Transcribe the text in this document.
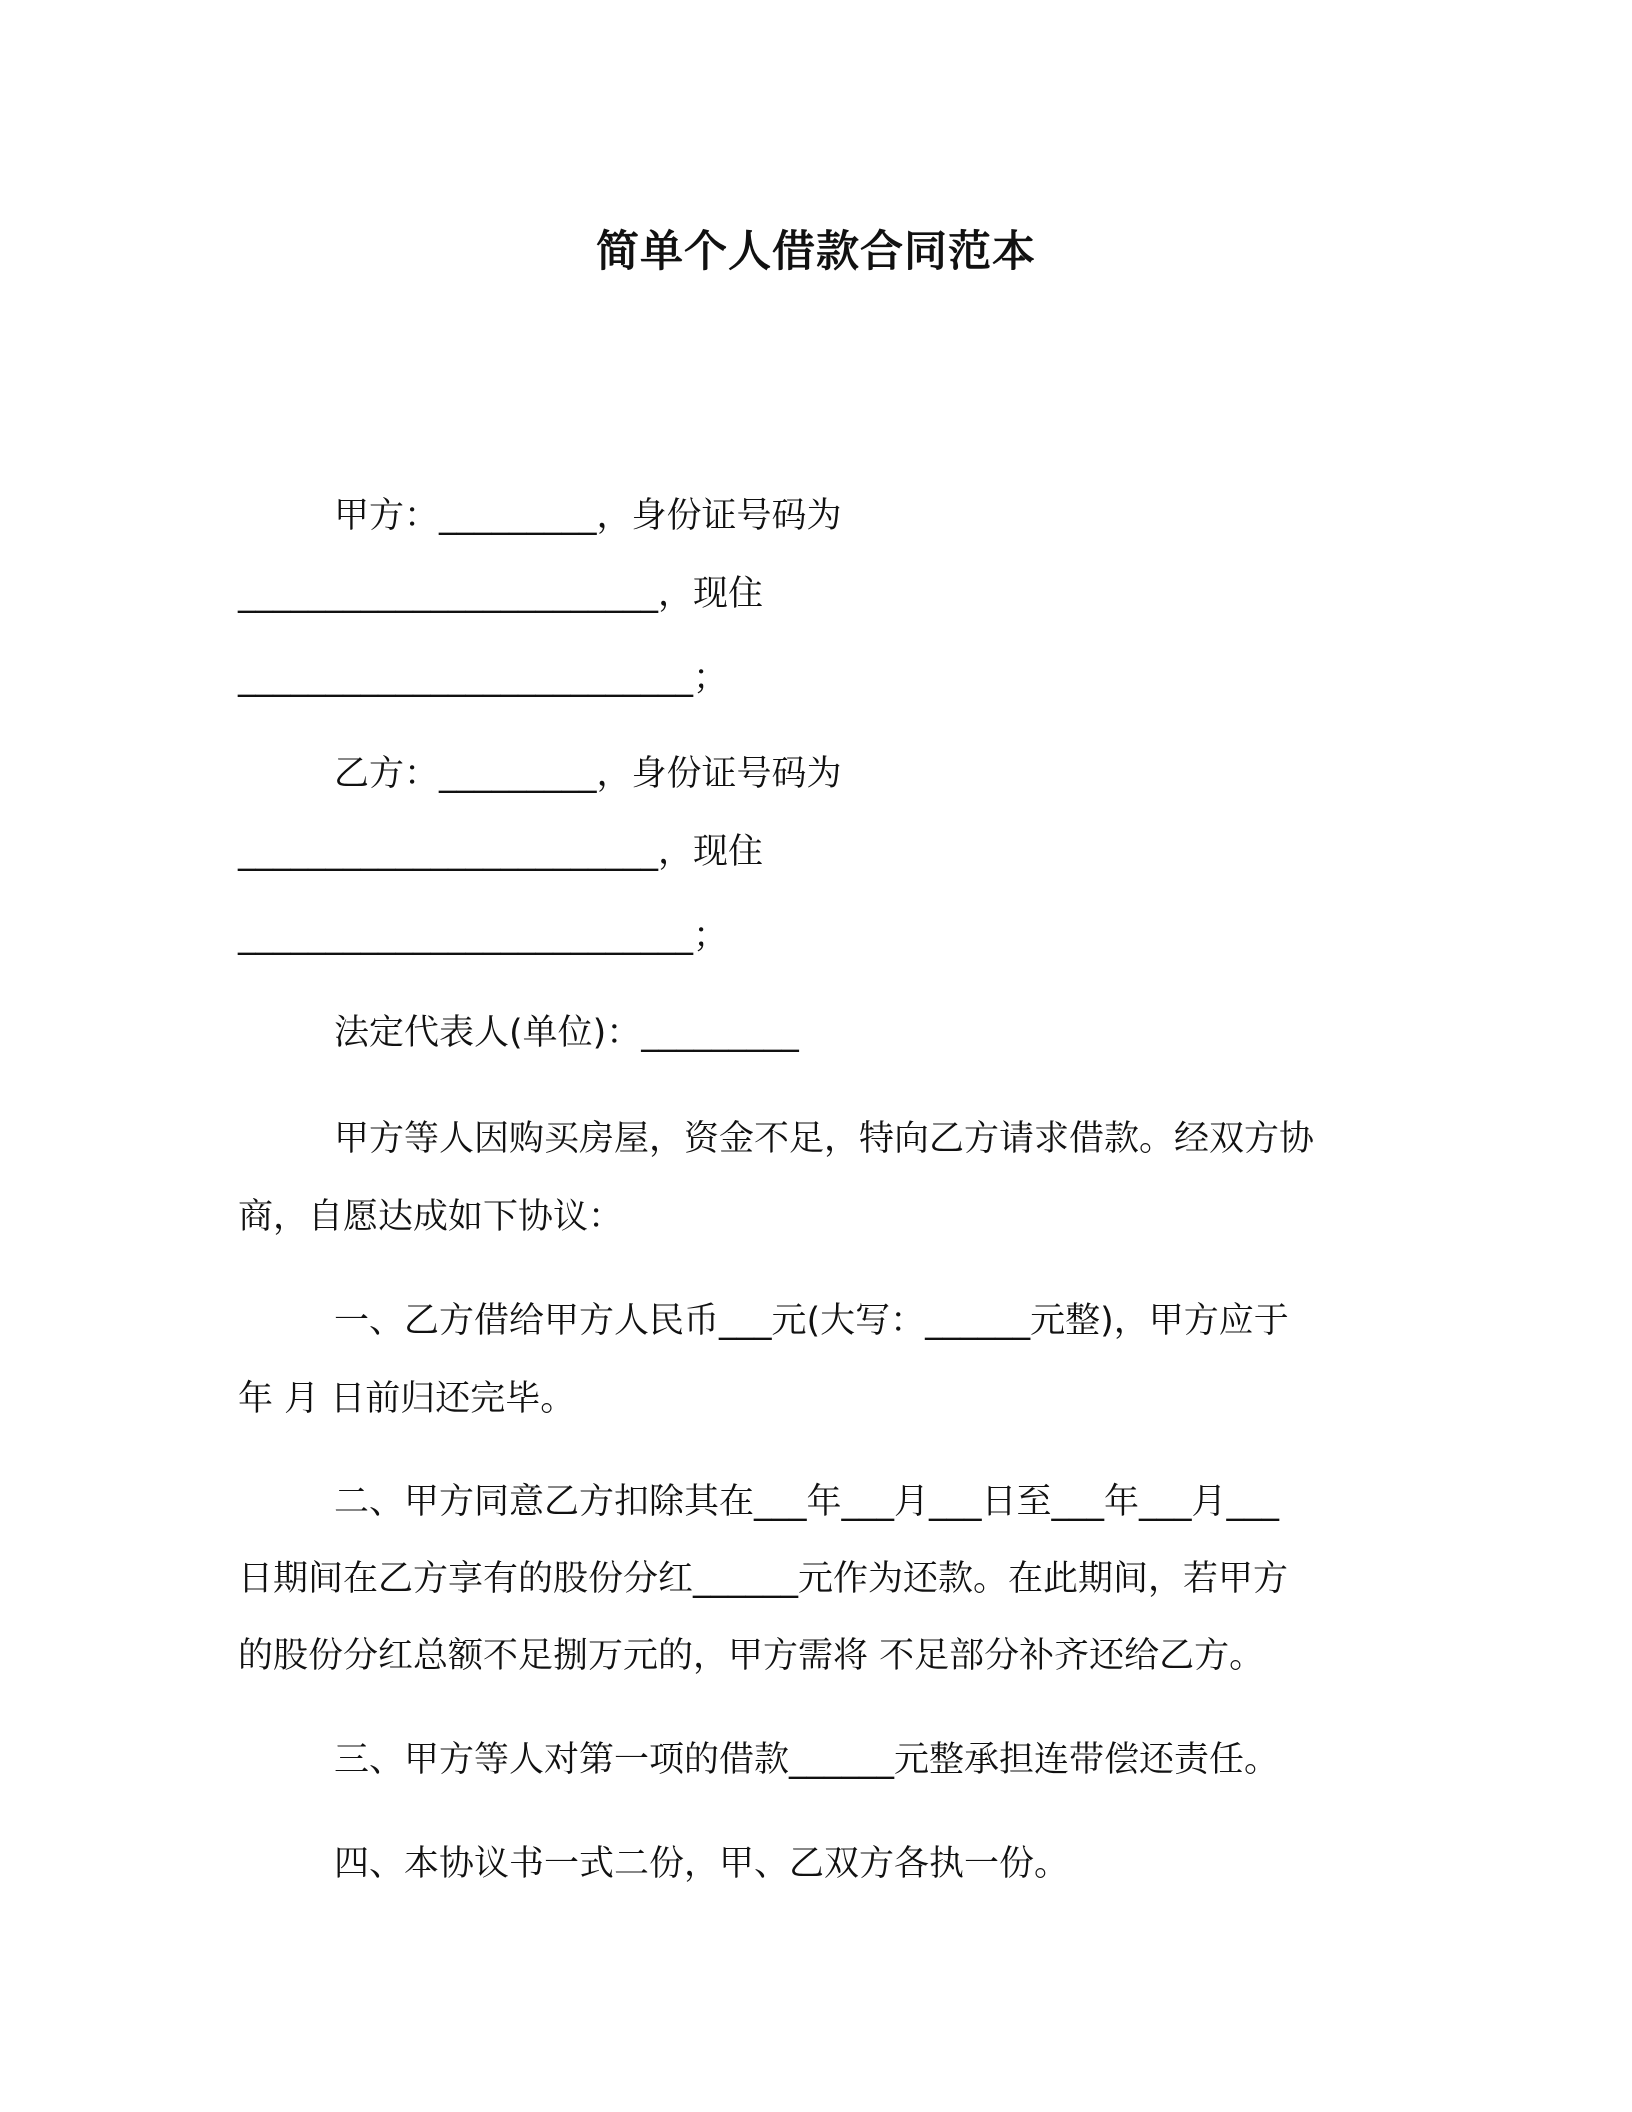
简单个人借款合同范本
甲方：_________，身份证号码为
________________________，现住
__________________________；
乙方：_________，身份证号码为
________________________，现住
__________________________；
法定代表人(单位)：_________
甲方等人因购买房屋，资金不足，特向乙方请求借款。经双方协
商，自愿达成如下协议：
一、乙方借给甲方人民币___元(大写：______元整)，甲方应于
年 月 日前归还完毕。
二、甲方同意乙方扣除其在___年___月___日至___年___月___
日期间在乙方享有的股份分红______元作为还款。在此期间，若甲方
的股份分红总额不足捌万元的，甲方需将 不足部分补齐还给乙方。
三、甲方等人对第一项的借款______元整承担连带偿还责任。
四、本协议书一式二份，甲、乙双方各执一份。
